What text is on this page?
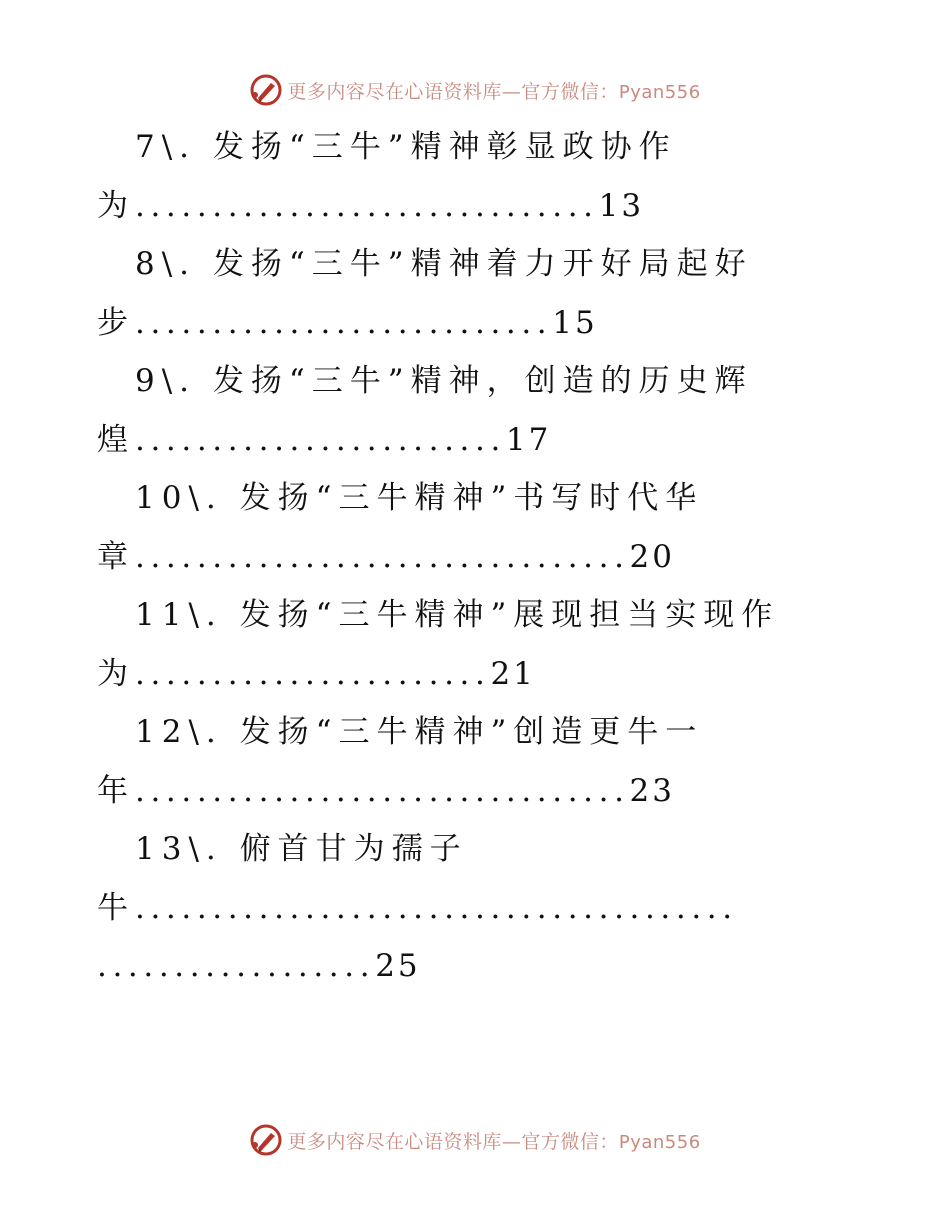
更多内容尽在心语资料库—官方微信：Pyan556
7\. 发扬“三牛”精神彰显政协作
为..............................13
8\. 发扬“三牛”精神着力开好局起好
步...........................15
9\. 发扬“三牛”精神，创造的历史辉
煌........................17
10\. 发扬“三牛精神”书写时代华
章................................20
11\. 发扬“三牛精神”展现担当实现作
为.......................21
12\. 发扬“三牛精神”创造更牛一
年................................23
13\. 俯首甘为孺子
牛.......................................
..................25
更多内容尽在心语资料库—官方微信：Pyan556
